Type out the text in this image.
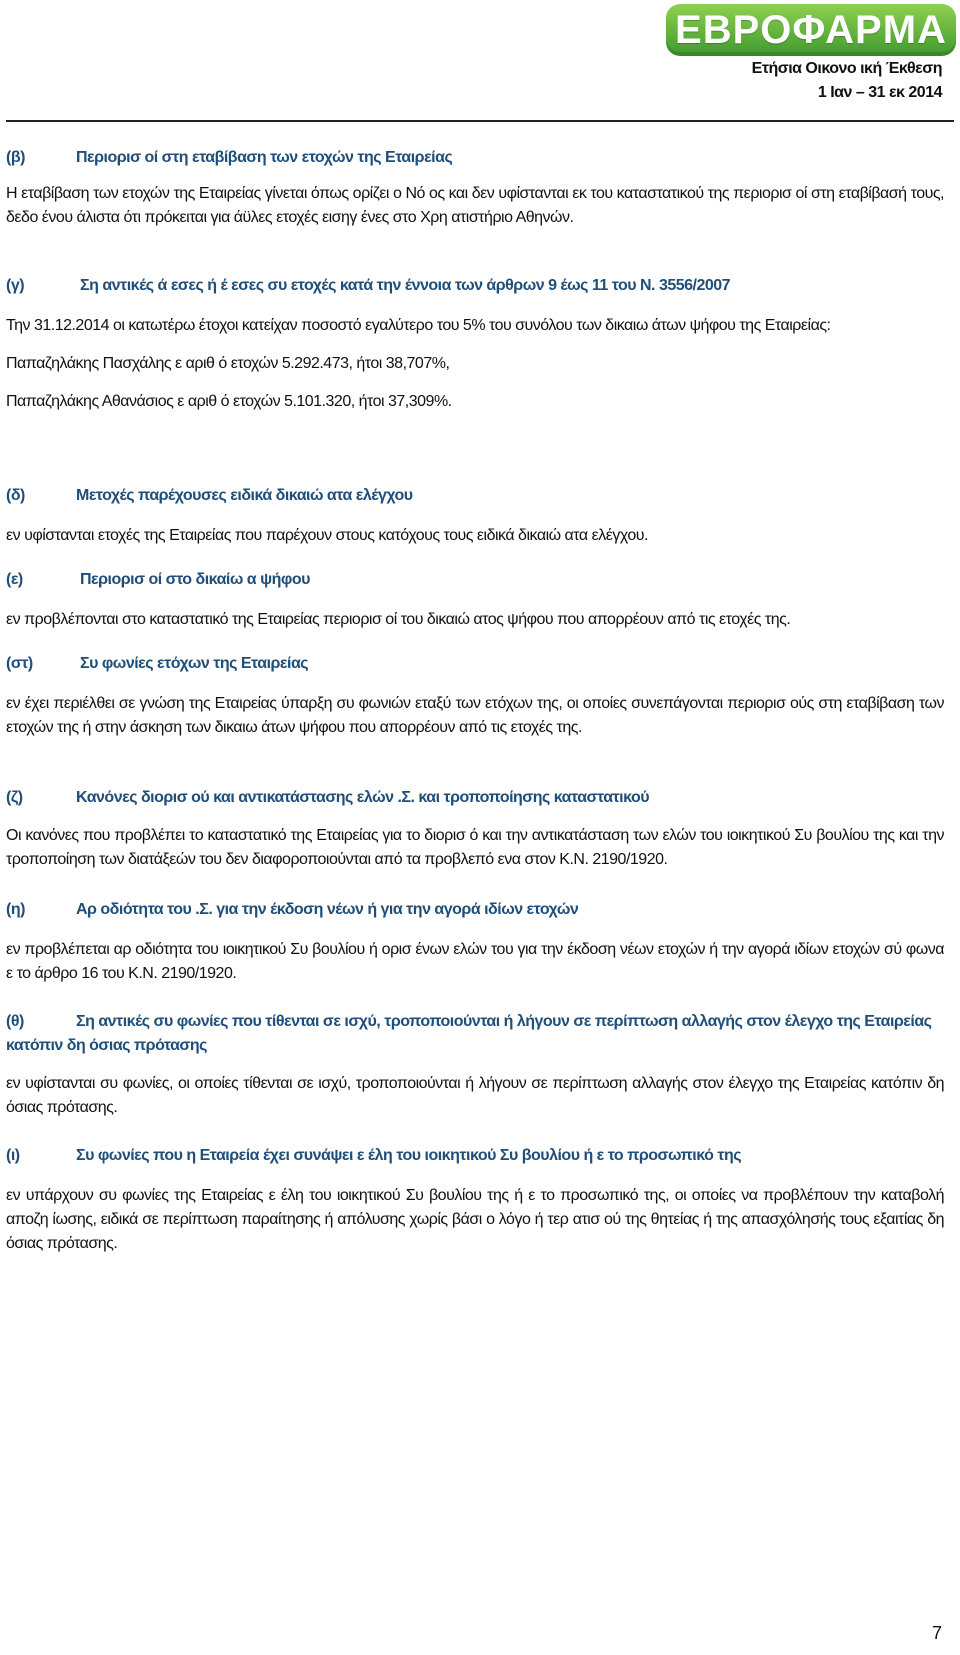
ΕΒΡΟΦΑΡΜΑ
Ετήσια Οικονο ική Έκθεση
1 Ιαν – 31 εκ 2014
(β)	Περιορισ οί στη εταβίβαση των ετοχών της Εταιρείας

Η εταβίβαση των ετοχών της Εταιρείας γίνεται όπως ορίζει ο Νό ος και δεν υφίστανται εκ του καταστατικού της περιορισ οί στη εταβίβασή τους, δεδο ένου άλιστα ότι πρόκειται για άϋλες ετοχές εισηγ ένες στο Χρη ατιστήριο Αθηνών.

(γ)	Ση αντικές ά εσες ή έ εσες συ ετοχές κατά την έννοια των άρθρων 9 έως 11 του Ν. 3556/2007

Την 31.12.2014 οι κατωτέρω έτοχοι κατείχαν ποσοστό εγαλύτερο του 5% του συνόλου των δικαιω άτων ψήφου της Εταιρείας:

Παπαζηλάκης Πασχάλης ε αριθ ό ετοχών 5.292.473, ήτοι 38,707%,

Παπαζηλάκης Αθανάσιος ε αριθ ό ετοχών 5.101.320, ήτοι 37,309%.

(δ)	Μετοχές παρέχουσες ειδικά δικαιώ ατα ελέγχου

εν υφίστανται ετοχές της Εταιρείας που παρέχουν στους κατόχους τους ειδικά δικαιώ ατα ελέγχου.

(ε)	Περιορισ οί στο δικαίω α ψήφου

εν προβλέπονται στο καταστατικό της Εταιρείας περιορισ οί του δικαιώ ατος ψήφου που απορρέουν από τις ετοχές της.

(στ)	Συ φωνίες ετόχων της Εταιρείας

εν έχει περιέλθει σε γνώση της Εταιρείας ύπαρξη συ φωνιών εταξύ των ετόχων της, οι οποίες συνεπάγονται περιορισ ούς στη εταβίβαση των ετοχών της ή στην άσκηση των δικαιω άτων ψήφου που απορρέουν από τις ετοχές της.

(ζ)	Κανόνες διορισ ού και αντικατάστασης ελών .Σ. και τροποποίησης καταστατικού

Οι κανόνες που προβλέπει το καταστατικό της Εταιρείας για το διορισ ό και την αντικατάσταση των ελών του ιοικητικού Συ βουλίου της και την τροποποίηση των διατάξεών του δεν διαφοροποιούνται από τα προβλεπό ενα στον Κ.Ν. 2190/1920.

(η)	Αρ οδιότητα του .Σ. για την έκδοση νέων ή για την αγορά ιδίων ετοχών

εν προβλέπεται αρ οδιότητα του ιοικητικού Συ βουλίου ή ορισ ένων ελών του για την έκδοση νέων ετοχών ή την αγορά ιδίων ετοχών σύ φωνα ε το άρθρο 16 του Κ.Ν. 2190/1920.

(θ)	Ση αντικές συ φωνίες που τίθενται σε ισχύ, τροποποιούνται ή λήγουν σε περίπτωση αλλαγής στον έλεγχο της Εταιρείας κατόπιν δη όσιας πρότασης

εν υφίστανται συ φωνίες, οι οποίες τίθενται σε ισχύ, τροποποιούνται ή λήγουν σε περίπτωση αλλαγής στον έλεγχο της Εταιρείας κατόπιν δη όσιας πρότασης.

(ι)	Συ φωνίες που η Εταιρεία έχει συνάψει ε έλη του ιοικητικού Συ βουλίου ή ε το προσωπικό της

εν υπάρχουν συ φωνίες της Εταιρείας ε έλη του ιοικητικού Συ βουλίου της ή ε το προσωπικό της, οι οποίες να προβλέπουν την καταβολή αποζη ίωσης, ειδικά σε περίπτωση παραίτησης ή απόλυσης χωρίς βάσι ο λόγο ή τερ ατισ ού της θητείας ή της απασχόλησής τους εξαιτίας δη όσιας πρότασης.

7
